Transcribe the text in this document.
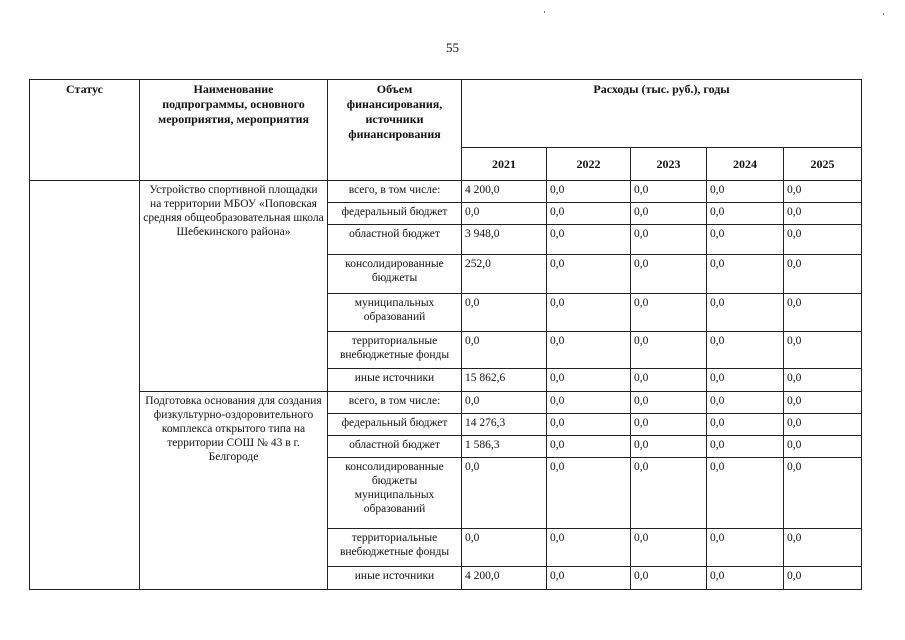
55
Статус	Наименование подпрограммы, основного мероприятия, мероприятия	Объем финансирования, источники финансирования	Расходы (тыс. руб.), годы				
			2021	2022	2023	2024	2025
	Устройство спортивной площадки на территории МБОУ «Поповская средняя общеобразовательная школа Шебекинского района»	всего, в том числе:	4 200,0	0,0	0,0	0,0	0,0
		федеральный бюджет	0,0	0,0	0,0	0,0	0,0
		областной бюджет	3 948,0	0,0	0,0	0,0	0,0
		консолидированные бюджеты	252,0	0,0	0,0	0,0	0,0
		муниципальных образований	0,0	0,0	0,0	0,0	0,0
		территориальные внебюджетные фонды	0,0	0,0	0,0	0,0	0,0
		иные источники	15 862,6	0,0	0,0	0,0	0,0
	Подготовка основания для создания физкультурно-оздоровительного комплекса открытого типа на территории СОШ № 43 в г. Белгороде	всего, в том числе:	0,0	0,0	0,0	0,0	0,0
		федеральный бюджет	14 276,3	0,0	0,0	0,0	0,0
		областной бюджет	1 586,3	0,0	0,0	0,0	0,0
		консолидированные бюджеты муниципальных образований	0,0	0,0	0,0	0,0	0,0
		территориальные внебюджетные фонды	0,0	0,0	0,0	0,0	0,0
		иные источники	4 200,0	0,0	0,0	0,0	0,0
